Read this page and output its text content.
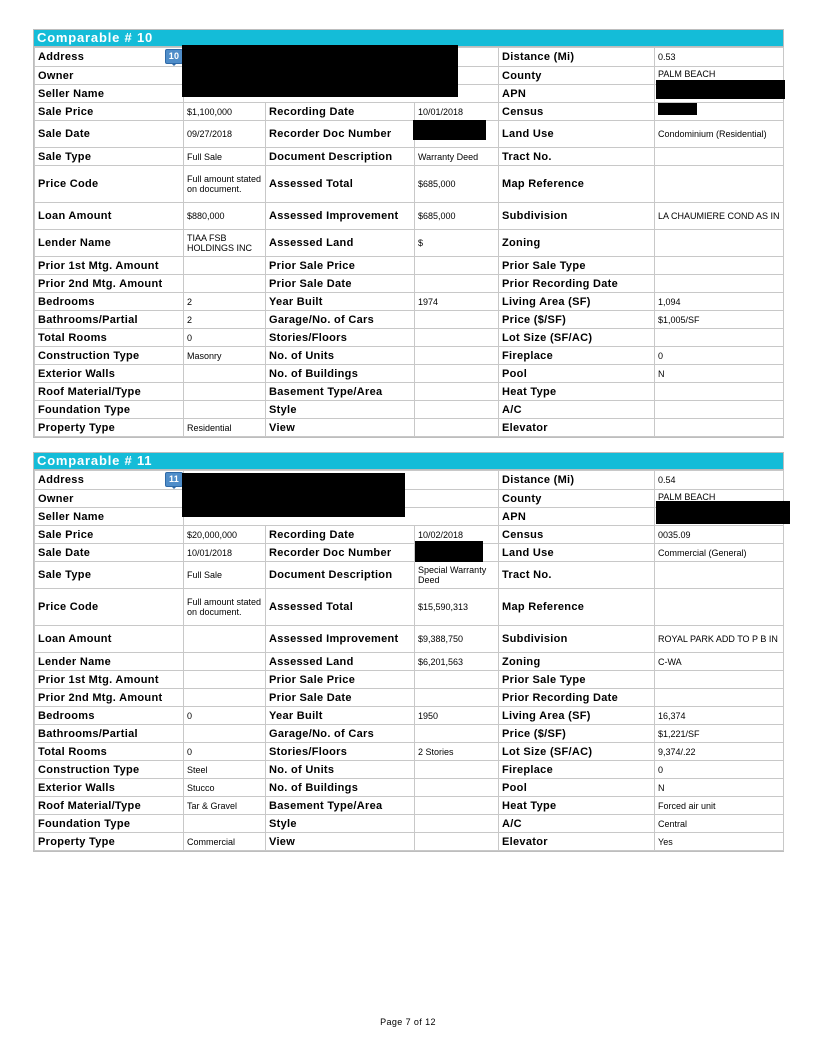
Comparable # 10
Address 10				Distance (Mi)	0.53
Owner				County	PALM BEACH
Seller Name				APN	
Sale Price	$1,100,000	Recording Date	10/01/2018	Census	
Sale Date	09/27/2018	Recorder Doc Number		Land Use	Condominium (Residential)
Sale Type	Full Sale	Document Description	Warranty Deed	Tract No.	
Price Code	Full amount stated on document.	Assessed Total	$685,000	Map Reference	
Loan Amount	$880,000	Assessed Improvement	$685,000	Subdivision	LA CHAUMIERE COND AS IN
Lender Name	TIAA FSB HOLDINGS INC	Assessed Land	$	Zoning	
Prior 1st Mtg. Amount		Prior Sale Price		Prior Sale Type	
Prior 2nd Mtg. Amount		Prior Sale Date		Prior Recording Date	
Bedrooms	2	Year Built	1974	Living Area (SF)	1,094
Bathrooms/Partial	2	Garage/No. of Cars		Price ($/SF)	$1,005/SF
Total Rooms	0	Stories/Floors		Lot Size (SF/AC)	
Construction Type	Masonry	No. of Units		Fireplace	0
Exterior Walls		No. of Buildings		Pool	N
Roof Material/Type		Basement Type/Area		Heat Type	
Foundation Type		Style		A/C	
Property Type	Residential	View		Elevator	
Comparable # 11
Address 11				Distance (Mi)	0.54
Owner				County	PALM BEACH
Seller Name				APN	
Sale Price	$20,000,000	Recording Date	10/02/2018	Census	0035.09
Sale Date	10/01/2018	Recorder Doc Number		Land Use	Commercial (General)
Sale Type	Full Sale	Document Description	Special Warranty Deed	Tract No.	
Price Code	Full amount stated on document.	Assessed Total	$15,590,313	Map Reference	
Loan Amount		Assessed Improvement	$9,388,750	Subdivision	ROYAL PARK ADD TO P B IN
Lender Name		Assessed Land	$6,201,563	Zoning	C-WA
Prior 1st Mtg. Amount		Prior Sale Price		Prior Sale Type	
Prior 2nd Mtg. Amount		Prior Sale Date		Prior Recording Date	
Bedrooms	0	Year Built	1950	Living Area (SF)	16,374
Bathrooms/Partial		Garage/No. of Cars		Price ($/SF)	$1,221/SF
Total Rooms	0	Stories/Floors	2 Stories	Lot Size (SF/AC)	9,374/.22
Construction Type	Steel	No. of Units		Fireplace	0
Exterior Walls	Stucco	No. of Buildings		Pool	N
Roof Material/Type	Tar & Gravel	Basement Type/Area		Heat Type	Forced air unit
Foundation Type		Style		A/C	Central
Property Type	Commercial	View		Elevator	Yes
Page 7 of 12
